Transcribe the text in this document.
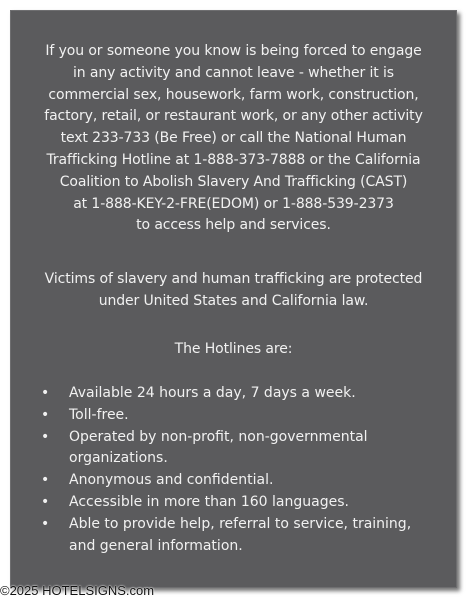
If you or someone you know is being forced to engage
in any activity and cannot leave - whether it is
commercial sex, housework, farm work, construction,
factory, retail, or restaurant work, or any other activity
text 233-733 (Be Free) or call the National Human
Trafficking Hotline at 1-888-373-7888 or the California
Coalition to Abolish Slavery And Trafficking (CAST)
at 1-888-KEY-2-FRE(EDOM) or 1-888-539-2373
to access help and services.

Victims of slavery and human trafficking are protected
under United States and California law.

The Hotlines are:

• Available 24 hours a day, 7 days a week.
• Toll-free.
• Operated by non-profit, non-governmental
organizations.
• Anonymous and confidential.
• Accessible in more than 160 languages.
• Able to provide help, referral to service, training,
and general information.
©2025 HOTELSIGNS.com
